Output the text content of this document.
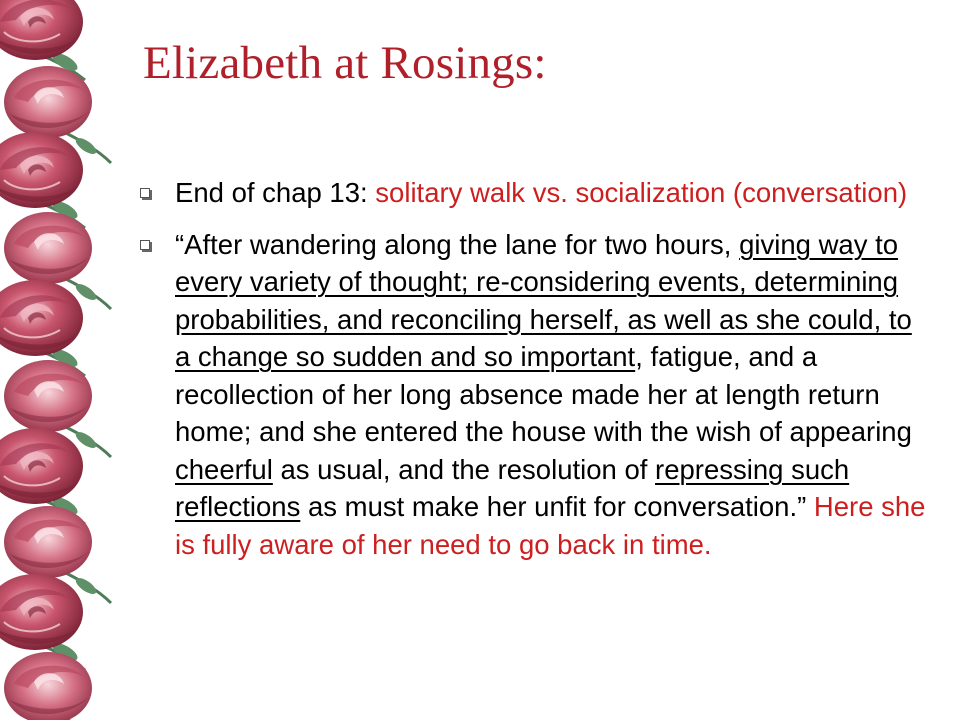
Elizabeth at Rosings:
End of chap 13: solitary walk vs. socialization (conversation)
“After wandering along the lane for two hours, giving way to every variety of thought; re-considering events, determining probabilities, and reconciling herself, as well as she could, to a change so sudden and so important, fatigue, and a recollection of her long absence made her at length return home; and she entered the house with the wish of appearing cheerful as usual, and the resolution of repressing such reflections as must make her unfit for conversation.” Here she is fully aware of her need to go back in time.
